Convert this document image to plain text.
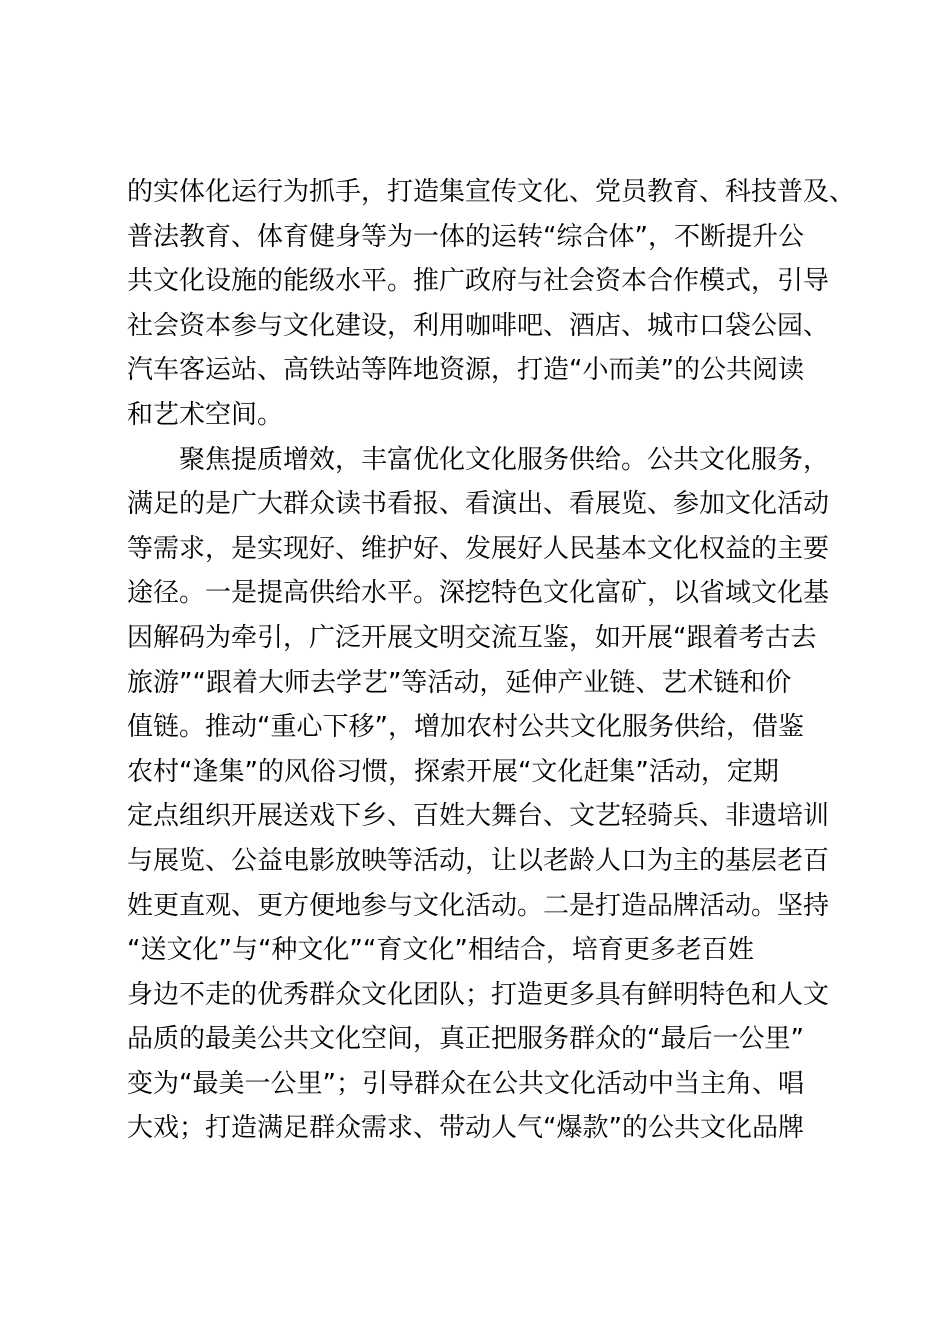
的实体化运行为抓手，打造集宣传文化、党员教育、科技普及、
普法教育、体育健身等为一体的运转“综合体”，不断提升公
共文化设施的能级水平。推广政府与社会资本合作模式，引导
社会资本参与文化建设，利用咖啡吧、酒店、城市口袋公园、
汽车客运站、高铁站等阵地资源，打造“小而美”的公共阅读
和艺术空间。
　　聚焦提质增效，丰富优化文化服务供给。公共文化服务，
满足的是广大群众读书看报、看演出、看展览、参加文化活动
等需求，是实现好、维护好、发展好人民基本文化权益的主要
途径。一是提高供给水平。深挖特色文化富矿，以省域文化基
因解码为牵引，广泛开展文明交流互鉴，如开展“跟着考古去
旅游”“跟着大师去学艺”等活动，延伸产业链、艺术链和价
值链。推动“重心下移”，增加农村公共文化服务供给，借鉴
农村“逢集”的风俗习惯，探索开展“文化赶集”活动，定期
定点组织开展送戏下乡、百姓大舞台、文艺轻骑兵、非遗培训
与展览、公益电影放映等活动，让以老龄人口为主的基层老百
姓更直观、更方便地参与文化活动。二是打造品牌活动。坚持
“送文化”与“种文化”“育文化”相结合，培育更多老百姓
身边不走的优秀群众文化团队；打造更多具有鲜明特色和人文
品质的最美公共文化空间，真正把服务群众的“最后一公里”
变为“最美一公里”；引导群众在公共文化活动中当主角、唱
大戏；打造满足群众需求、带动人气“爆款”的公共文化品牌
